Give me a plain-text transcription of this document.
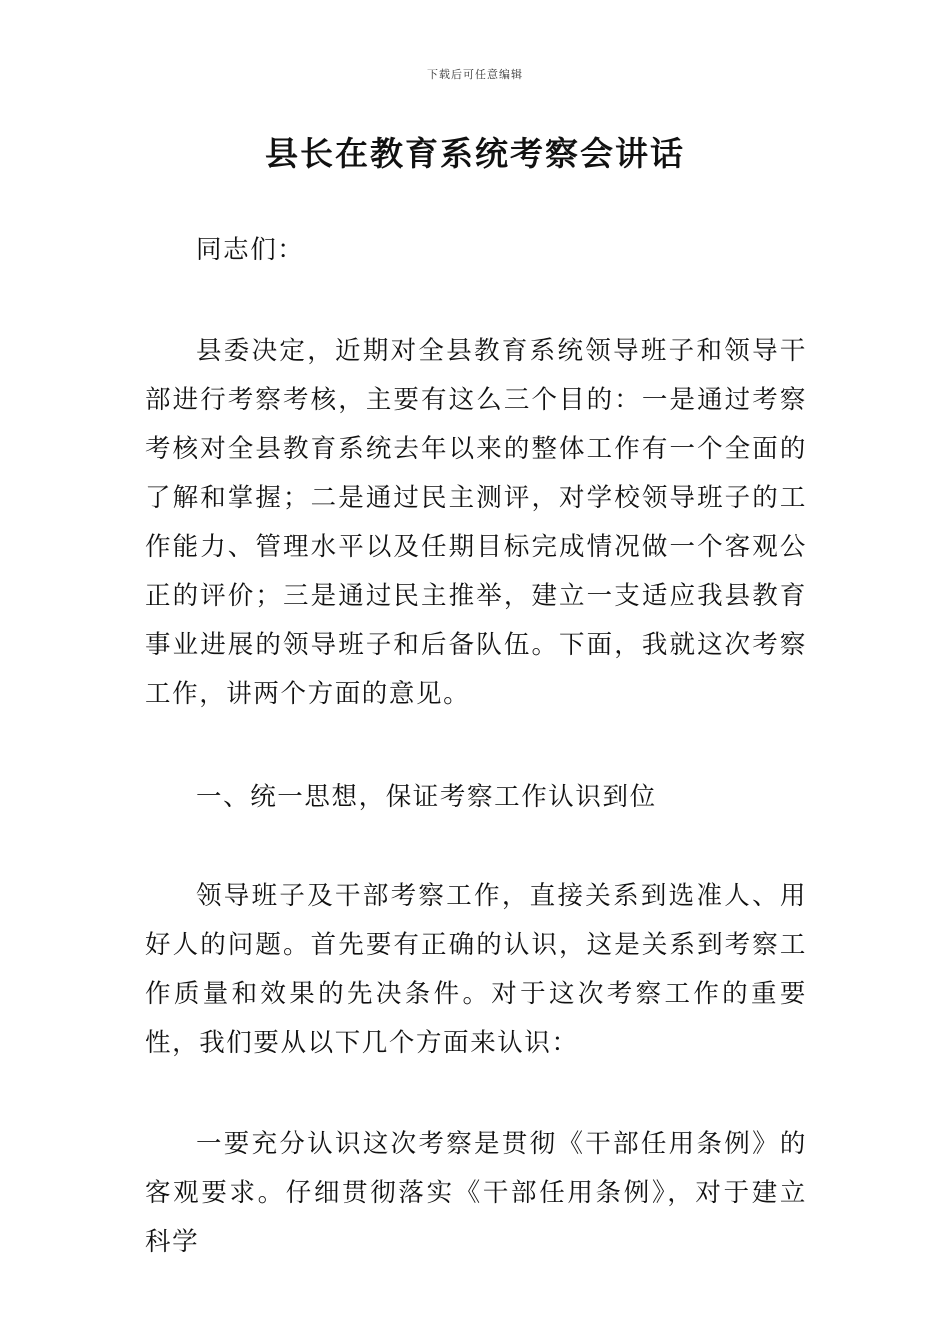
下载后可任意编辑
县长在教育系统考察会讲话

同志们：

县委决定，近期对全县教育系统领导班子和领导干部进行考察考核，主要有这么三个目的：一是通过考察考核对全县教育系统去年以来的整体工作有一个全面的了解和掌握；二是通过民主测评，对学校领导班子的工作能力、管理水平以及任期目标完成情况做一个客观公正的评价；三是通过民主推举，建立一支适应我县教育事业进展的领导班子和后备队伍。下面，我就这次考察工作，讲两个方面的意见。

一、统一思想，保证考察工作认识到位

领导班子及干部考察工作，直接关系到选准人、用好人的问题。首先要有正确的认识，这是关系到考察工作质量和效果的先决条件。对于这次考察工作的重要性，我们要从以下几个方面来认识：

一要充分认识这次考察是贯彻《干部任用条例》的客观要求。仔细贯彻落实《干部任用条例》，对于建立科学
